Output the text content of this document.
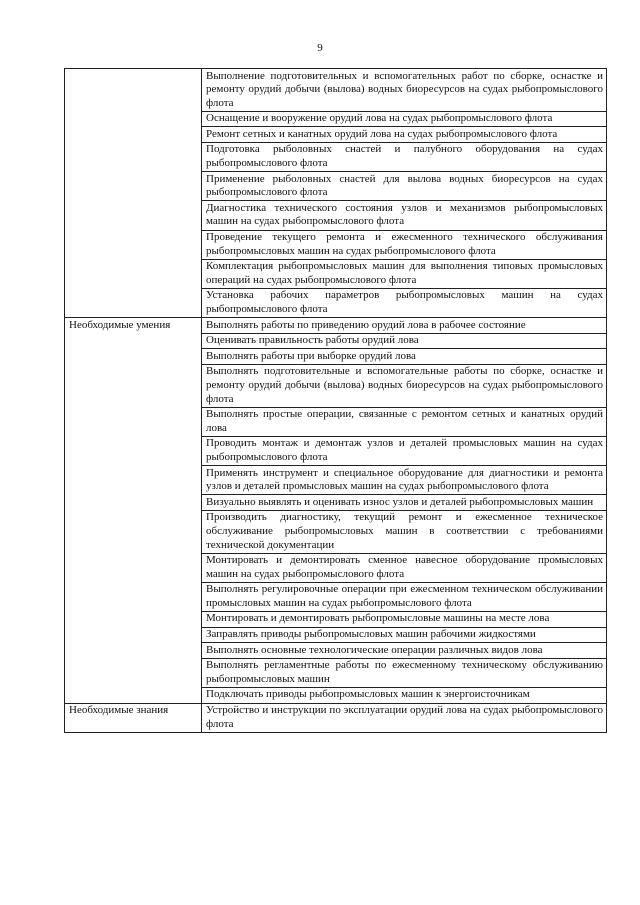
9
	Выполнение подготовительных и вспомогательных работ по сборке, оснастке и ремонту орудий добычи (вылова) водных биоресурсов на судах рыбопромыслового флота
	Оснащение и вооружение орудий лова на судах рыбопромыслового флота
	Ремонт сетных и канатных орудий лова на судах рыбопромыслового флота
	Подготовка рыболовных снастей и палубного оборудования на судах рыбопромыслового флота
	Применение рыболовных снастей для вылова водных биоресурсов на судах рыбопромыслового флота
	Диагностика технического состояния узлов и механизмов рыбопромысловых машин на судах рыбопромыслового флота
	Проведение текущего ремонта и ежесменного технического обслуживания рыбопромысловых машин на судах рыбопромыслового флота
	Комплектация рыбопромысловых машин для выполнения типовых промысловых операций на судах рыбопромыслового флота
	Установка рабочих параметров рыбопромысловых машин на судах рыбопромыслового флота
Необходимые умения	Выполнять работы по приведению орудий лова в рабочее состояние
	Оценивать правильность работы орудий лова
	Выполнять работы при выборке орудий лова
	Выполнять подготовительные и вспомогательные работы по сборке, оснастке и ремонту орудий добычи (вылова) водных биоресурсов на судах рыбопромыслового флота
	Выполнять простые операции, связанные с ремонтом сетных и канатных орудий лова
	Проводить монтаж и демонтаж узлов и деталей промысловых машин на судах рыбопромыслового флота
	Применять инструмент и специальное оборудование для диагностики и ремонта узлов и деталей промысловых машин на судах рыбопромыслового флота
	Визуально выявлять и оценивать износ узлов и деталей рыбопромысловых машин
	Производить диагностику, текущий ремонт и ежесменное техническое обслуживание рыбопромысловых машин в соответствии с требованиями технической документации
	Монтировать и демонтировать сменное навесное оборудование промысловых машин на судах рыбопромыслового флота
	Выполнять регулировочные операции при ежесменном техническом обслуживании промысловых машин на судах рыбопромыслового флота
	Монтировать и демонтировать рыбопромысловые машины на месте лова
	Заправлять приводы рыбопромысловых машин рабочими жидкостями
	Выполнять основные технологические операции различных видов лова
	Выполнять регламентные работы по ежесменному техническому обслуживанию рыбопромысловых машин
	Подключать приводы рыбопромысловых машин к энергоисточникам
Необходимые знания	Устройство и инструкции по эксплуатации орудий лова на судах рыбопромыслового флота
